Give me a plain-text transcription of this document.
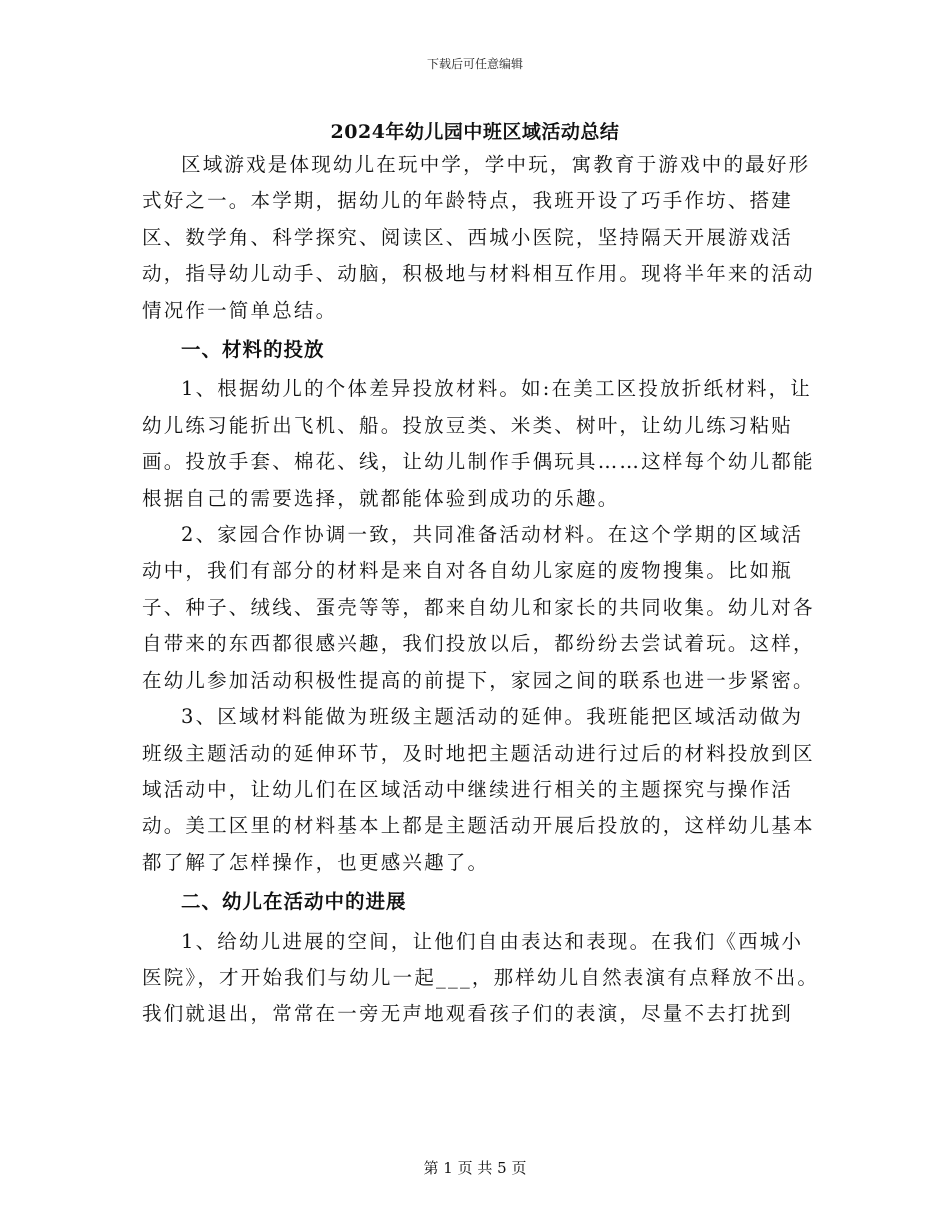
下载后可任意编辑
2024年幼儿园中班区域活动总结

区域游戏是体现幼儿在玩中学，学中玩，寓教育于游戏中的最好形式好之一。本学期，据幼儿的年龄特点，我班开设了巧手作坊、搭建区、数学角、科学探究、阅读区、西城小医院，坚持隔天开展游戏活动，指导幼儿动手、动脑，积极地与材料相互作用。现将半年来的活动情况作一简单总结。

一、材料的投放

1、根据幼儿的个体差异投放材料。如:在美工区投放折纸材料，让幼儿练习能折出飞机、船。投放豆类、米类、树叶，让幼儿练习粘贴画。投放手套、棉花、线，让幼儿制作手偶玩具……这样每个幼儿都能根据自己的需要选择，就都能体验到成功的乐趣。

2、家园合作协调一致，共同准备活动材料。在这个学期的区域活动中，我们有部分的材料是来自对各自幼儿家庭的废物搜集。比如瓶子、种子、绒线、蛋壳等等，都来自幼儿和家长的共同收集。幼儿对各自带来的东西都很感兴趣，我们投放以后，都纷纷去尝试着玩。这样，在幼儿参加活动积极性提高的前提下，家园之间的联系也进一步紧密。

3、区域材料能做为班级主题活动的延伸。我班能把区域活动做为班级主题活动的延伸环节，及时地把主题活动进行过后的材料投放到区域活动中，让幼儿们在区域活动中继续进行相关的主题探究与操作活动。美工区里的材料基本上都是主题活动开展后投放的，这样幼儿基本都了解了怎样操作，也更感兴趣了。

二、幼儿在活动中的进展

1、给幼儿进展的空间，让他们自由表达和表现。在我们《西城小医院》，才开始我们与幼儿一起___，那样幼儿自然表演有点释放不出。我们就退出，常常在一旁无声地观看孩子们的表演，尽量不去打扰到

第 1 页 共 5 页
